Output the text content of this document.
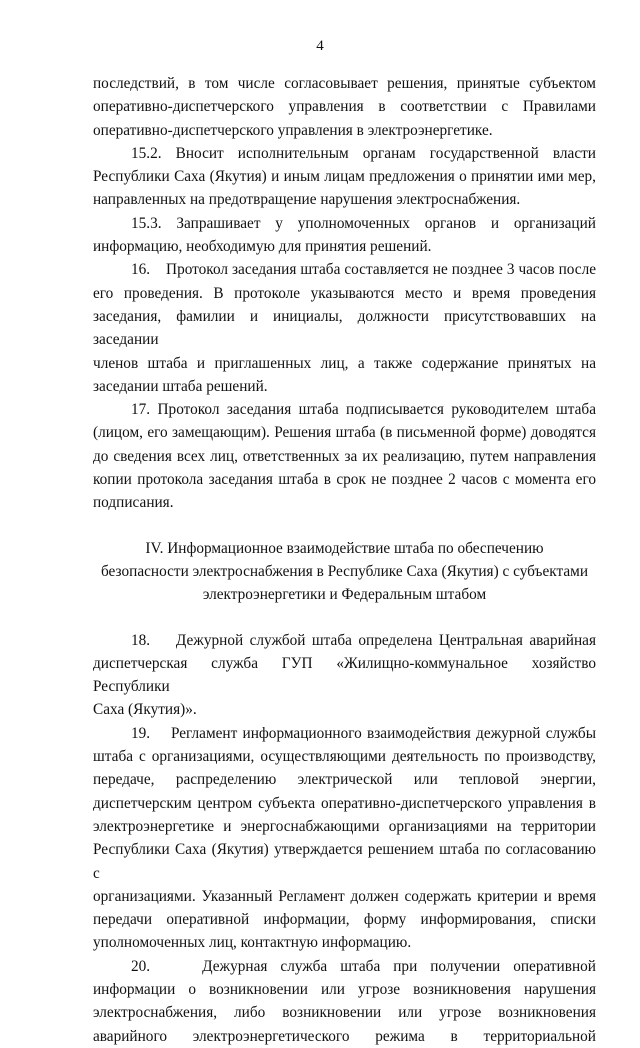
4

последствий, в том числе согласовывает решения, принятые субъектом

оперативно-диспетчерского управления в соответствии с Правилами

оперативно-диспетчерского управления в электроэнергетике.

15.2. Вносит исполнительным органам государственной власти

Республики Саха (Якутия) и иным лицам предложения о принятии ими мер,

направленных на предотвращение нарушения электроснабжения.

15.3. Запрашивает у уполномоченных органов и организаций

информацию, необходимую для принятия решений.

16.    Протокол заседания штаба составляется не позднее 3 часов после

его проведения. В протоколе указываются место и время проведения

заседания, фамилии и инициалы, должности присутствовавших на заседании

членов штаба и приглашенных лиц, а также содержание принятых на

заседании штаба решений.

17. Протокол заседания штаба подписывается руководителем штаба

(лицом, его замещающим). Решения штаба (в письменной форме) доводятся

до сведения всех лиц, ответственных за их реализацию, путем направления

копии протокола заседания штаба в срок не позднее 2 часов с момента его

подписания.

IV. Информационное взаимодействие штаба по обеспечению
безопасности электроснабжения в Республике Саха (Якутия) с субъектами
электроэнергетики и Федеральным штабом

18.    Дежурной службой штаба определена Центральная аварийная

диспетчерская служба ГУП «Жилищно-коммунальное хозяйство Республики

Саха (Якутия)».

19.    Регламент информационного взаимодействия дежурной службы

штаба с организациями, осуществляющими деятельность по производству,

передаче, распределению электрической или тепловой энергии,

диспетчерским центром субъекта оперативно-диспетчерского управления в

электроэнергетике и энергоснабжающими организациями на территории

Республики Саха (Якутия) утверждается решением штаба по согласованию с

организациями. Указанный Регламент должен содержать критерии и время

передачи оперативной информации, форму информирования, списки

уполномоченных лиц, контактную информацию.

20.    Дежурная служба штаба при получении оперативной

информации о возникновении или угрозе возникновения нарушения

электроснабжения, либо возникновении или угрозе возникновения

аварийного электроэнергетического режима в территориальной
